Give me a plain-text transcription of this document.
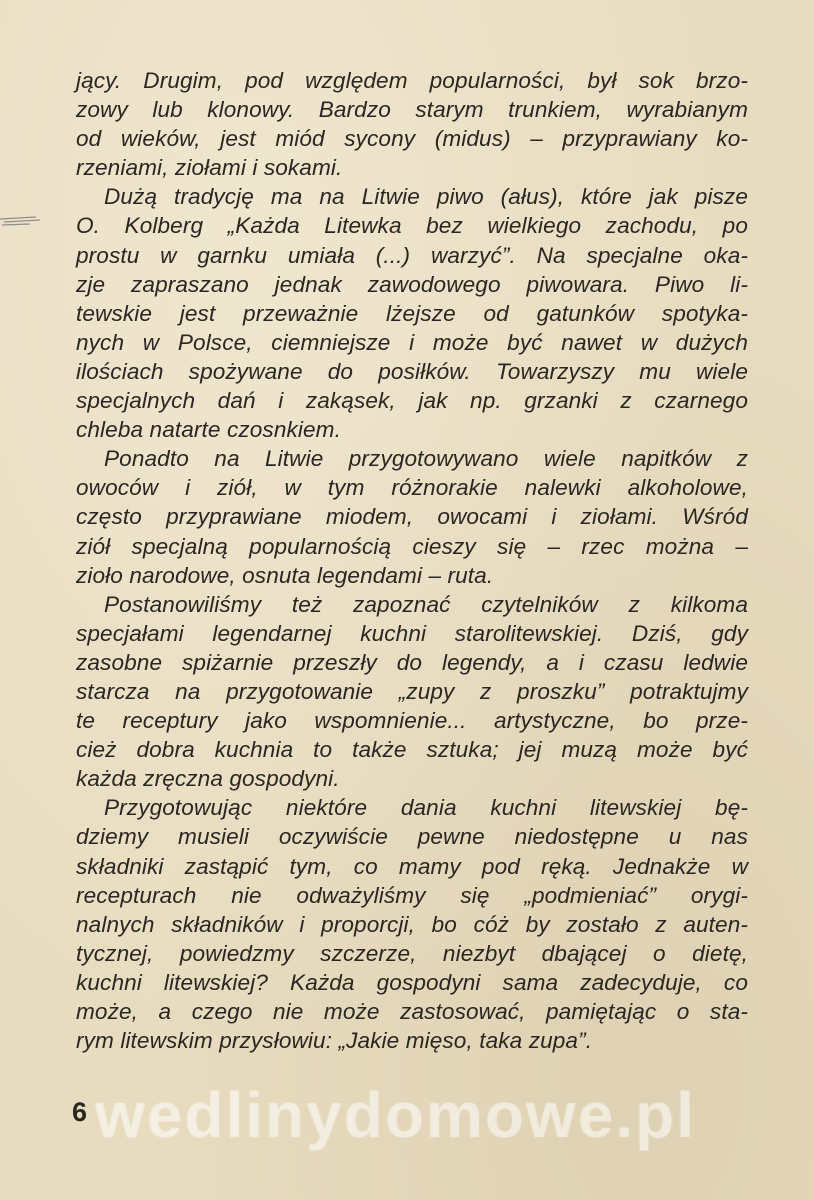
jący. Drugim, pod względem popularności, był sok brzo-
zowy lub klonowy. Bardzo starym trunkiem, wyrabianym
od wieków, jest miód sycony (midus) – przyprawiany ko-
rzeniami, ziołami i sokami.

Dużą tradycję ma na Litwie piwo (ałus), które jak pisze
O. Kolberg „Każda Litewka bez wielkiego zachodu, po
prostu w garnku umiała (...) warzyć”. Na specjalne oka-
zje zapraszano jednak zawodowego piwowara. Piwo li-
tewskie jest przeważnie lżejsze od gatunków spotyka-
nych w Polsce, ciemniejsze i może być nawet w dużych
ilościach spożywane do posiłków. Towarzyszy mu wiele
specjalnych dań i zakąsek, jak np. grzanki z czarnego
chleba natarte czosnkiem.

Ponadto na Litwie przygotowywano wiele napitków z
owoców i ziół, w tym różnorakie nalewki alkoholowe,
często przyprawiane miodem, owocami i ziołami. Wśród
ziół specjalną popularnością cieszy się – rzec można –
zioło narodowe, osnuta legendami – ruta.

Postanowiliśmy też zapoznać czytelników z kilkoma
specjałami legendarnej kuchni starolitewskiej. Dziś, gdy
zasobne spiżarnie przeszły do legendy, a i czasu ledwie
starcza na przygotowanie „zupy z proszku” potraktujmy
te receptury jako wspomnienie... artystyczne, bo prze-
cież dobra kuchnia to także sztuka; jej muzą może być
każda zręczna gospodyni.

Przygotowując niektóre dania kuchni litewskiej bę-
dziemy musieli oczywiście pewne niedostępne u nas
składniki zastąpić tym, co mamy pod ręką. Jednakże w
recepturach nie odważyliśmy się „podmieniać” orygi-
nalnych składników i proporcji, bo cóż by zostało z auten-
tycznej, powiedzmy szczerze, niezbyt dbającej o dietę,
kuchni litewskiej? Każda gospodyni sama zadecyduje, co
może, a czego nie może zastosować, pamiętając o sta-
rym litewskim przysłowiu: „Jakie mięso, taka zupa”.

wedlinydomowe.pl
6
